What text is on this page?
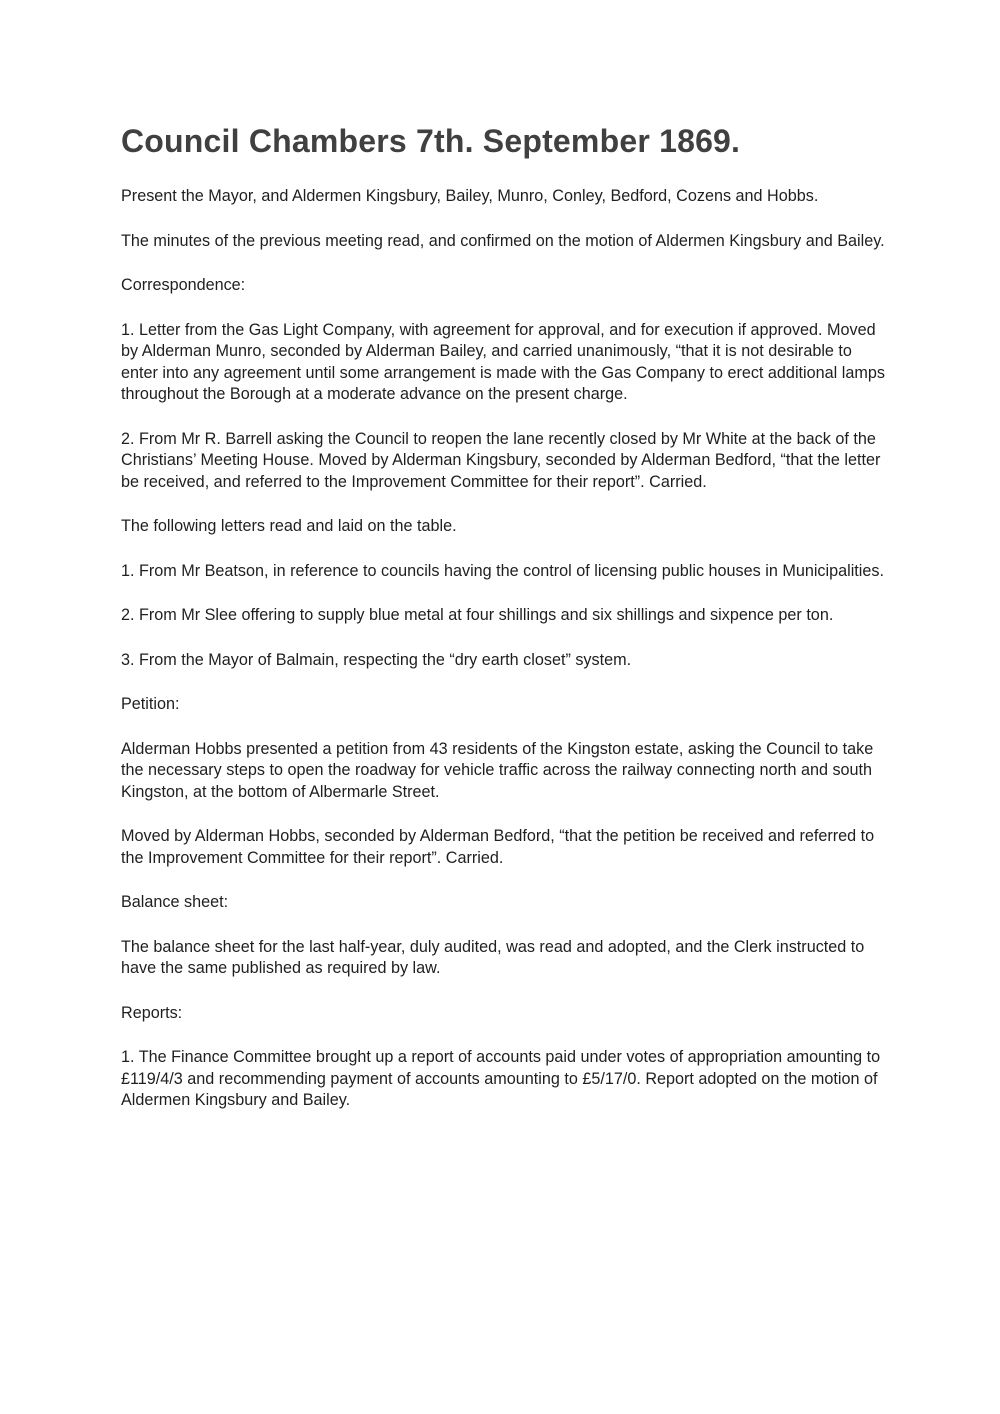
Council Chambers 7th. September 1869.

Present the Mayor, and Aldermen Kingsbury, Bailey, Munro, Conley, Bedford, Cozens and Hobbs.

The minutes of the previous meeting read, and confirmed on the motion of Aldermen Kingsbury and Bailey.

Correspondence:

1. Letter from the Gas Light Company, with agreement for approval, and for execution if approved. Moved by Alderman Munro, seconded by Alderman Bailey, and carried unanimously, “that it is not desirable to enter into any agreement until some arrangement is made with the Gas Company to erect additional lamps throughout the Borough at a moderate advance on the present charge.

2. From Mr R. Barrell asking the Council to reopen the lane recently closed by Mr White at the back of the Christians’ Meeting House. Moved by Alderman Kingsbury, seconded by Alderman Bedford, “that the letter be received, and referred to the Improvement Committee for their report”. Carried.

The following letters read and laid on the table.

1. From Mr Beatson, in reference to councils having the control of licensing public houses in Municipalities.

2. From Mr Slee offering to supply blue metal at four shillings and six shillings and sixpence per ton.

3. From the Mayor of Balmain, respecting the “dry earth closet” system.

Petition:

Alderman Hobbs presented a petition from 43 residents of the Kingston estate, asking the Council to take the necessary steps to open the roadway for vehicle traffic across the railway connecting north and south Kingston, at the bottom of Albermarle Street.

Moved by Alderman Hobbs, seconded by Alderman Bedford, “that the petition be received and referred to the Improvement Committee for their report”. Carried.

Balance sheet:

The balance sheet for the last half-year, duly audited, was read and adopted, and the Clerk instructed to have the same published as required by law.

Reports:

1. The Finance Committee brought up a report of accounts paid under votes of appropriation amounting to £119/4/3 and recommending payment of accounts amounting to £5/17/0. Report adopted on the motion of Aldermen Kingsbury and Bailey.
